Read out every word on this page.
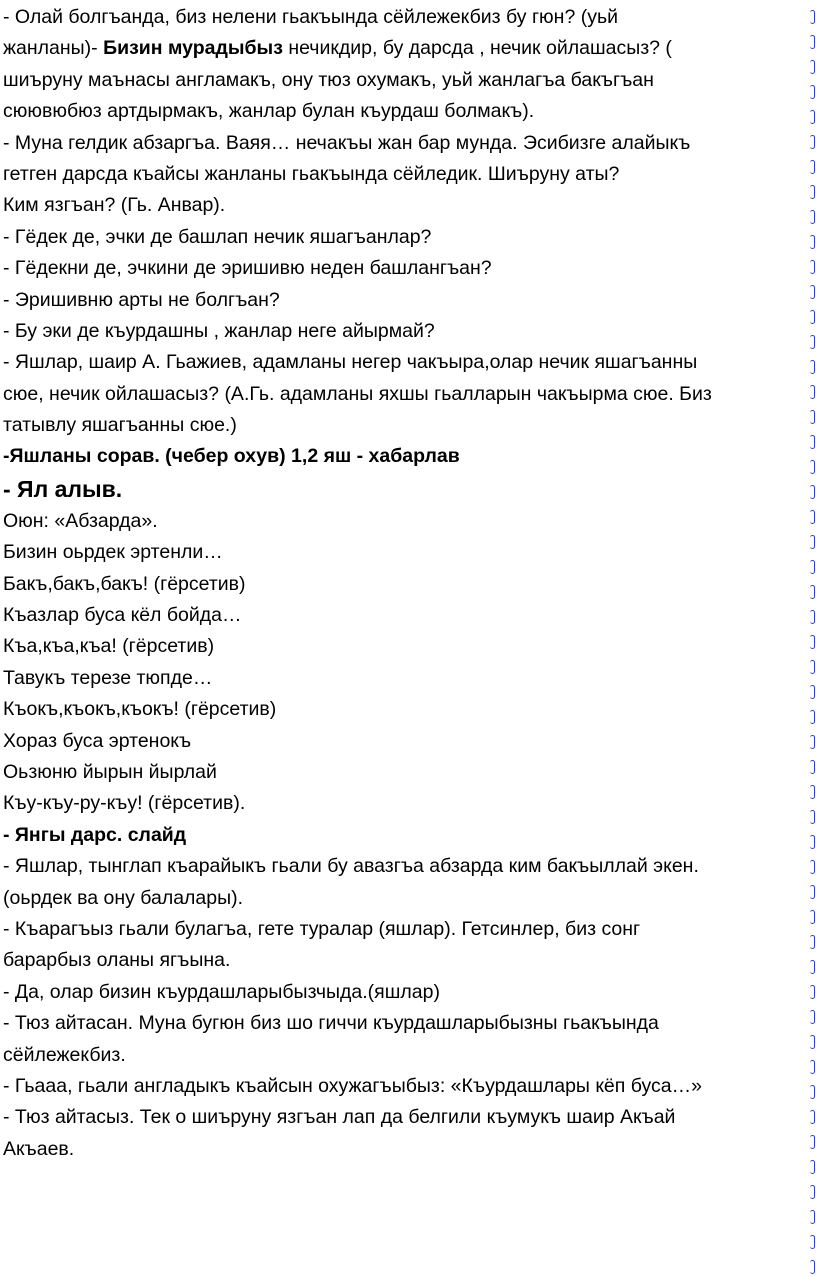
- Олай болгъанда, биз нелени гьакъында сёйлежекбиз бу гюн? (уьй
жанланы)- Бизин мурадыбыз нечикдир, бу дарсда , нечик ойлашасыз? (
шиъруну маънасы англамакъ, ону тюз охумакъ, уьй жанлагъа бакъгъан
сюювюбюз артдырмакъ, жанлар булан къурдаш болмакъ).
- Муна гелдик абзаргъа. Ваяя… нечакъы жан бар мунда. Эсибизге алайыкъ
гетген дарсда къайсы жанланы гьакъында сёйледик. Шиъруну аты?
Ким язгъан? (Гь. Анвар).
- Гёдек де, эчки де башлап нечик яшагъанлар?
- Гёдекни де, эчкини де эришивю неден башлангъан?
- Эришивню арты не болгъан?
- Бу эки де къурдашны , жанлар неге айырмай?
- Яшлар, шаир А. Гьажиев, адамланы негер чакъыра,олар нечик яшагъанны
сюе, нечик ойлашасыз? (А.Гь. адамланы яхшы гьалларын чакъырма сюе. Биз
татывлу яшагъанны сюе.)
-Яшланы сорав. (чебер охув) 1,2 яш - хабарлав
- Ял алыв.
Оюн: «Абзарда».
Бизин оьрдек эртенли…
Бакъ,бакъ,бакъ! (гёрсетив)
Къазлар буса кёл бойда…
Къа,къа,къа! (гёрсетив)
Тавукъ терезе тюпде…
Къокъ,къокъ,къокъ! (гёрсетив)
Хораз буса эртенокъ
Оьзюню йырын йырлай
Къу-къу-ру-къу! (гёрсетив).
- Янгы дарс. слайд
- Яшлар, тынглап къарайыкъ гьали бу авазгъа абзарда ким бакъыллай экен.
(оьрдек ва ону балалары).
- Къарагъыз гьали булагъа, гете туралар (яшлар). Гетсинлер, биз сонг
барарбыз оланы ягъына.
- Да, олар бизин къурдашларыбызчыда.(яшлар)
- Тюз айтасан. Муна бугюн биз шо гиччи къурдашларыбызны гьакъында
сёйлежекбиз.
- Гьааа, гьали англадыкъ къайсын охужагъыбыз: «Къурдашлары кёп буса…»
- Тюз айтасыз. Тек о шиъруну язгъан лап да белгили къумукъ шаир Акъай
Акъаев.
